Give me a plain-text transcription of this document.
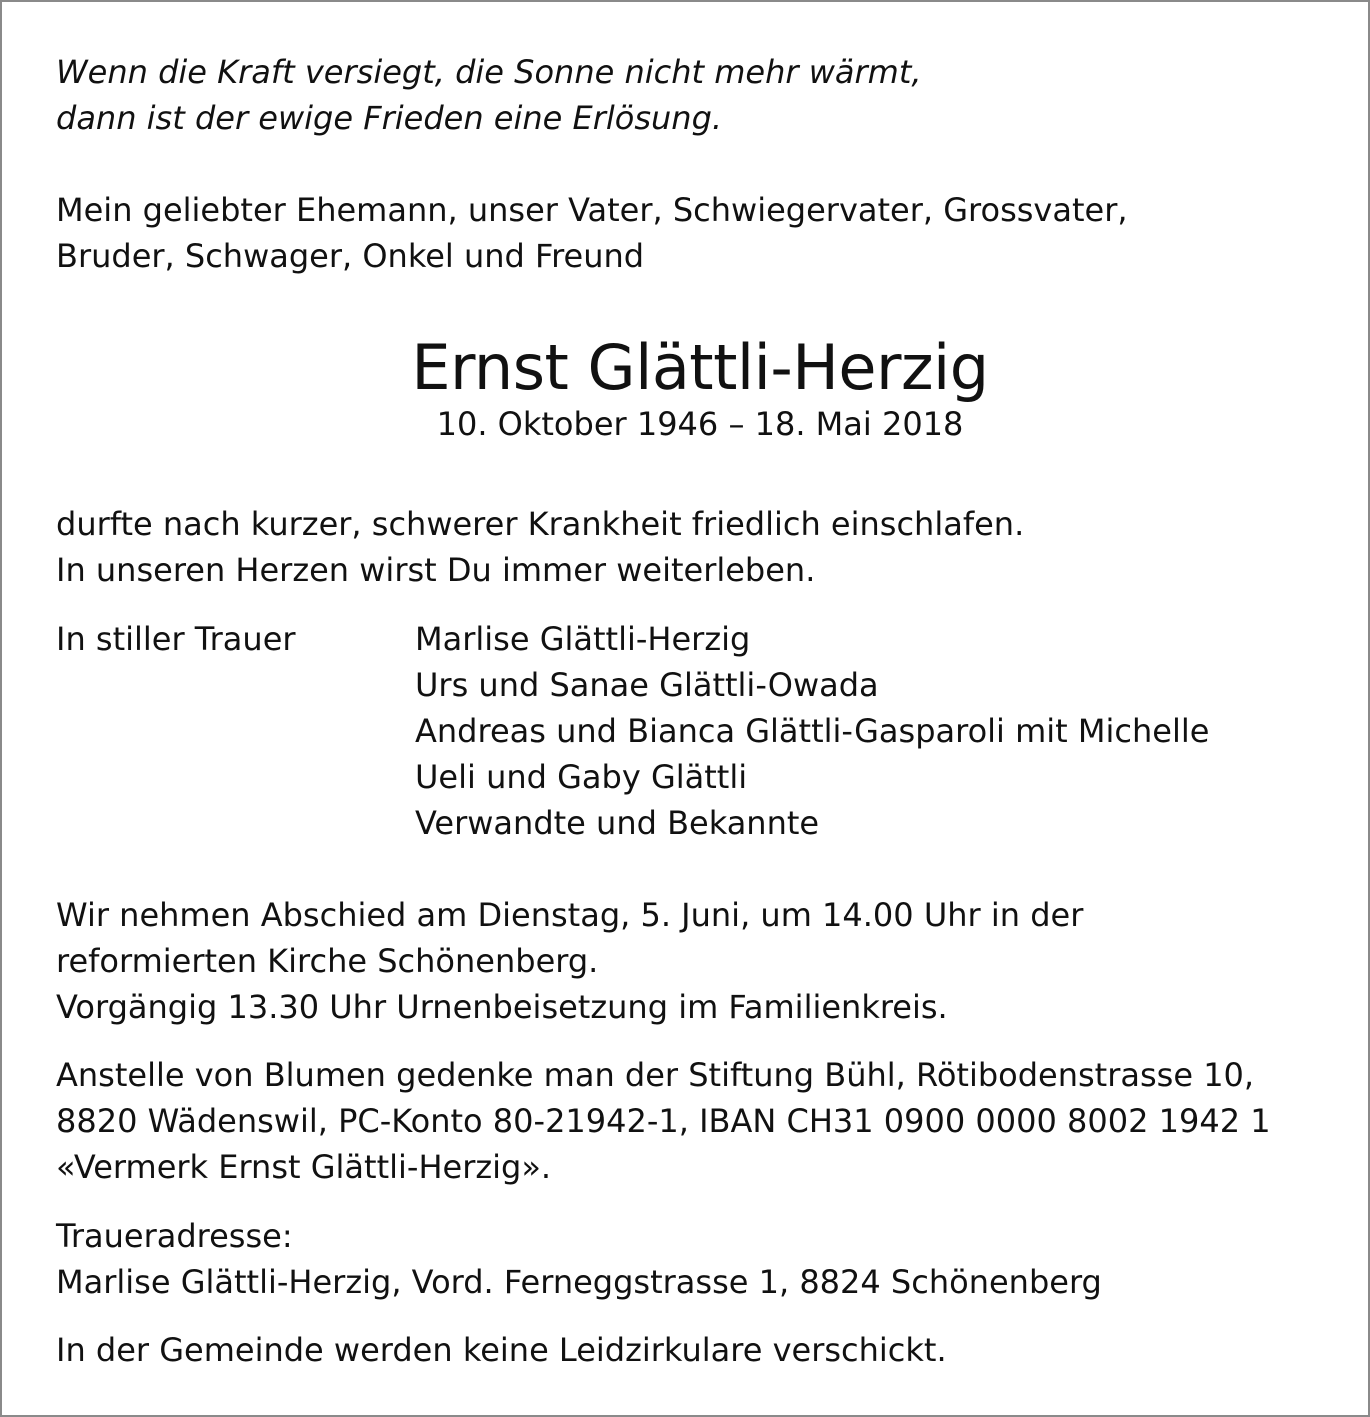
Wenn die Kraft versiegt, die Sonne nicht mehr wärmt,
dann ist der ewige Frieden eine Erlösung.

Mein geliebter Ehemann, unser Vater, Schwiegervater, Grossvater,
Bruder, Schwager, Onkel und Freund

Ernst Glättli-Herzig
10. Oktober 1946 – 18. Mai 2018

durfte nach kurzer, schwerer Krankheit friedlich einschlafen.
In unseren Herzen wirst Du immer weiterleben.

In stiller Trauer	Marlise Glättli-Herzig
Urs und Sanae Glättli-Owada
Andreas und Bianca Glättli-Gasparoli mit Michelle
Ueli und Gaby Glättli
Verwandte und Bekannte

Wir nehmen Abschied am Dienstag, 5. Juni, um 14.00 Uhr in der
reformierten Kirche Schönenberg.
Vorgängig 13.30 Uhr Urnenbeisetzung im Familienkreis.

Anstelle von Blumen gedenke man der Stiftung Bühl, Rötibodenstrasse 10,
8820 Wädenswil, PC-Konto 80-21942-1, IBAN CH31 0900 0000 8002 1942 1
«Vermerk Ernst Glättli-Herzig».

Traueradresse:
Marlise Glättli-Herzig, Vord. Ferneggstrasse 1, 8824 Schönenberg

In der Gemeinde werden keine Leidzirkulare verschickt.
